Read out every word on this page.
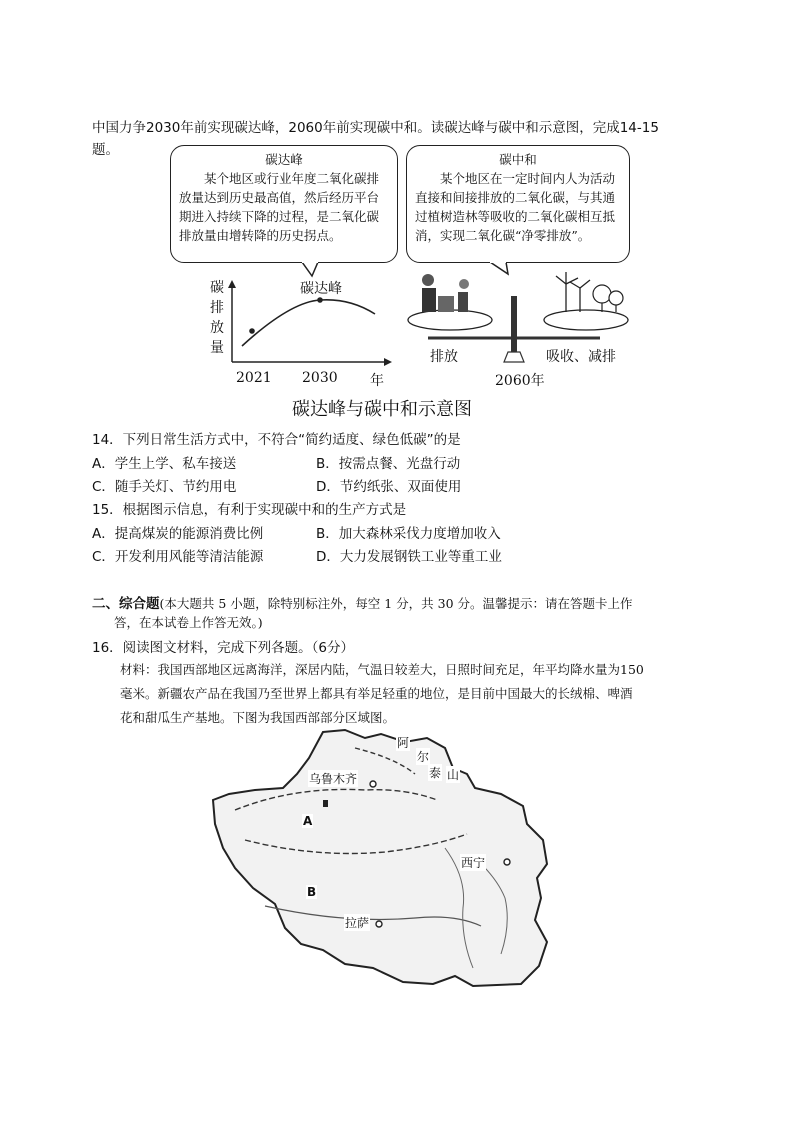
中国力争2030年前实现碳达峰，2060年前实现碳中和。读碳达峰与碳中和示意图，完成14-15
题。
碳达峰
某个地区或行业年度二氧化碳排放量达到历史最高值，然后经历平台期进入持续下降的过程，是二氧化碳排放量由增转降的历史拐点。
碳中和
某个地区在一定时间内人为活动直接和间接排放的二氧化碳，与其通过植树造林等吸收的二氧化碳相互抵消，实现二氧化碳“净零排放”。
碳
排
放
量
碳达峰
2021 2030 年
排放	吸收、减排
2060年
碳达峰与碳中和示意图
14．下列日常生活方式中，不符合“简约适度、绿色低碳”的是
A．学生上学、私车接送	B．按需点餐、光盘行动
C．随手关灯、节约用电	D．节约纸张、双面使用
15．根据图示信息，有利于实现碳中和的生产方式是
A．提高煤炭的能源消费比例	B．加大森林采伐力度增加收入
C．开发利用风能等清洁能源	D．大力发展钢铁工业等重工业
二、综合题(本大题共 5 小题，除特别标注外，每空 1 分，共 30 分。温馨提示：请在答题卡上作
答，在本试卷上作答无效。)
16．阅读图文材料，完成下列各题。（6分）
材料：我国西部地区远离海洋，深居内陆，气温日较差大，日照时间充足，年平均降水量为150
毫米。新疆农产品在我国乃至世界上都具有举足轻重的地位，是目前中国最大的长绒棉、啤酒
花和甜瓜生产基地。下图为我国西部部分区域图。
阿
尔
泰 山
乌鲁木齐
A
B
西宁
拉萨
